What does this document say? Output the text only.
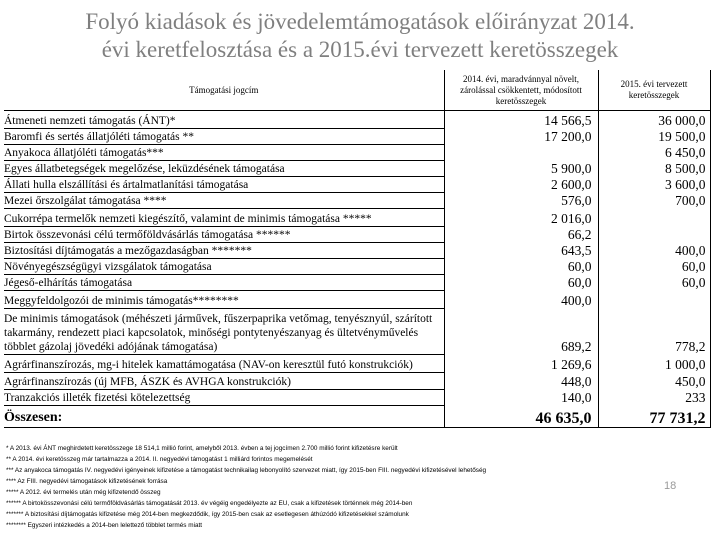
Folyó kiadások és jövedelemtámogatások előirányzat 2014.
évi keretfelosztása és a 2015.évi tervezett keretösszegek
Támogatási jogcím	2014. évi, maradvánnyal növelt, zárolással csökkentett, módosított keretösszegek	2015. évi tervezett keretösszegek
Átmeneti nemzeti támogatás (ÁNT)*	14 566,5	36 000,0
Baromfi és sertés állatjóléti támogatás **	17 200,0	19 500,0
Anyakoca állatjóléti támogatás***		6 450,0
Egyes állatbetegségek megelőzése, leküzdésének támogatása	5 900,0	8 500,0
Állati hulla elszállítási és ártalmatlanítási támogatása	2 600,0	3 600,0
Mezei őrszolgálat támogatása ****	576,0	700,0
Cukorrépa termelők nemzeti kiegészítő, valamint de minimis támogatása *****	2 016,0	
Birtok összevonási célú termőföldvásárlás támogatása ******	66,2	
Biztosítási díjtámogatás a mezőgazdaságban *******	643,5	400,0
Növényegészségügyi vizsgálatok támogatása	60,0	60,0
Jégeső-elhárítás támogatása	60,0	60,0
Meggyfeldolgozói de minimis támogatás********	400,0	
De minimis támogatások (méhészeti járművek, fűszerpaprika vetőmag, tenyésznyúl, szárított takarmány, rendezett piaci kapcsolatok, minőségi pontytenyészanyag és ültetvényművelés többlet gázolaj jövedéki adójának támogatása)	689,2	778,2
Agrárfinanszírozás, mg-i hitelek kamattámogatása (NAV-on keresztül futó konstrukciók)	1 269,6	1 000,0
Agrárfinanszírozás (új MFB, ÁSZK és AVHGA konstrukciók)	448,0	450,0
Tranzakciós illeték fizetési kötelezettség	140,0	233
Összesen:	46 635,0	77 731,2
* A 2013. évi ÁNT meghirdetett keretösszege 18 514,1 millió forint, amelyből 2013. évben a tej jogcímen 2.700 millió forint kifizetésre került
** A 2014. évi keretösszeg már tartalmazza a 2014. II. negyedévi támogatást 1 milliárd forintos megemelését
*** Az anyakoca támogatás IV. negyedévi igényeinek kifizetése a támogatást technikailag lebonyolító szervezet miatt, így 2015-ben FIII. negyedévi kifizetésével lehetőség
**** Az FIII. negyedévi támogatások kifizetésének forrása
***** A 2012. évi termelés után még kifizetendő összeg
****** A birtokösszevonási célú termőföldvásárlás támogatását 2013. év végéig engedélyezte az EU, csak a kifizetések történnek még 2014-ben
******* A biztosítási díjtámogatás kifizetése még 2014-ben megkezdődik, így 2015-ben csak az esetlegesen áthúzódó kifizetésekkel számolunk
******** Egyszeri intézkedés a 2014-ben lelettező többlet termés miatt
18
